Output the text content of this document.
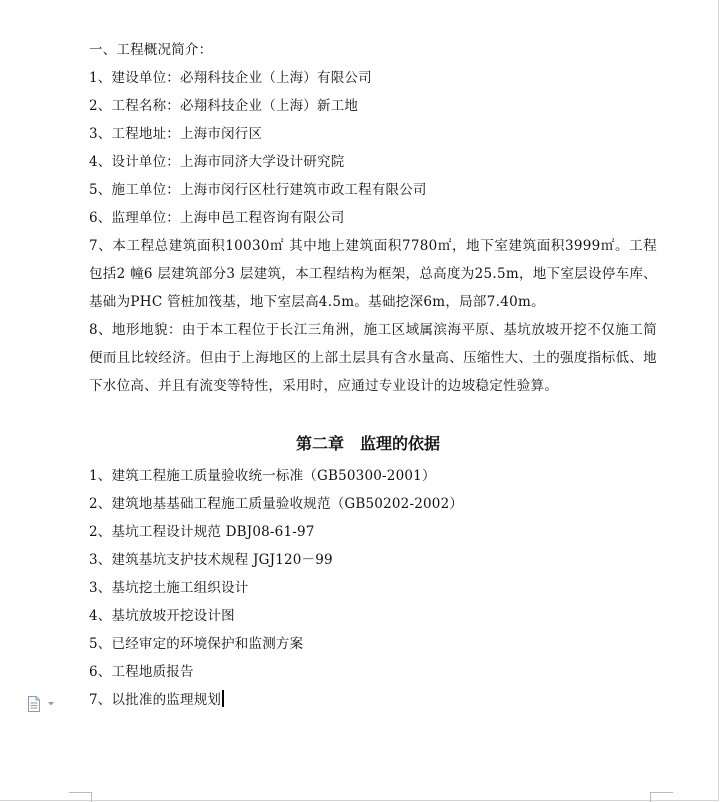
一、工程概况简介：
1、建设单位：必翔科技企业（上海）有限公司
2、工程名称：必翔科技企业（上海）新工地
3、工程地址：上海市闵行区
4、设计单位：上海市同济大学设计研究院
5、施工单位：上海市闵行区杜行建筑市政工程有限公司
6、监理单位：上海申邑工程咨询有限公司
7、本工程总建筑面积10030㎡ 其中地上建筑面积7780㎡，地下室建筑面积3999㎡。工程包括2 幢6 层建筑部分3 层建筑，本工程结构为框架，总高度为25.5m，地下室层设停车库、基础为PHC 管桩加筏基，地下室层高4.5m。基础挖深6m，局部7.40m。
8、地形地貌：由于本工程位于长江三角洲，施工区域属滨海平原、基坑放坡开挖不仅施工简便而且比较经济。但由于上海地区的上部土层具有含水量高、压缩性大、土的强度指标低、地下水位高、并且有流变等特性，采用时，应通过专业设计的边坡稳定性验算。
第二章　监理的依据
1、建筑工程施工质量验收统一标准（GB50300-2001）
2、建筑地基基础工程施工质量验收规范（GB50202-2002）
2、基坑工程设计规范 DBJ08-61-97
3、建筑基坑支护技术规程 JGJ120－99
3、基坑挖土施工组织设计
4、基坑放坡开挖设计图
5、已经审定的环境保护和监测方案
6、工程地质报告
7、以批准的监理规划
